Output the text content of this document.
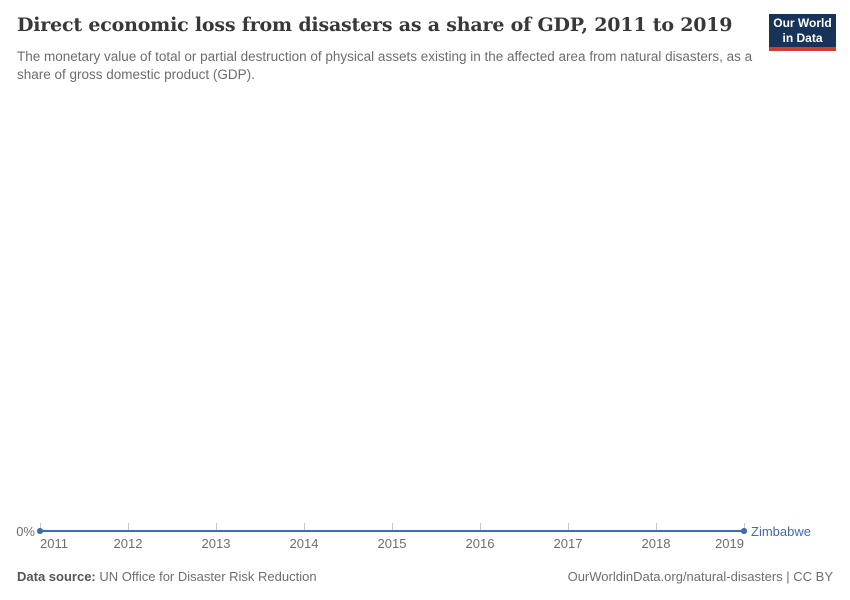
Direct economic loss from disasters as a share of GDP, 2011 to 2019
The monetary value of total or partial destruction of physical assets existing in the affected area from natural disasters, as a share of gross domestic product (GDP).
Our World
in Data
0%
2011	2012	2013	2014	2015	2016	2017	2018	2019
Zimbabwe
Data source: UN Office for Disaster Risk Reduction	OurWorldinData.org/natural-disasters | CC BY
